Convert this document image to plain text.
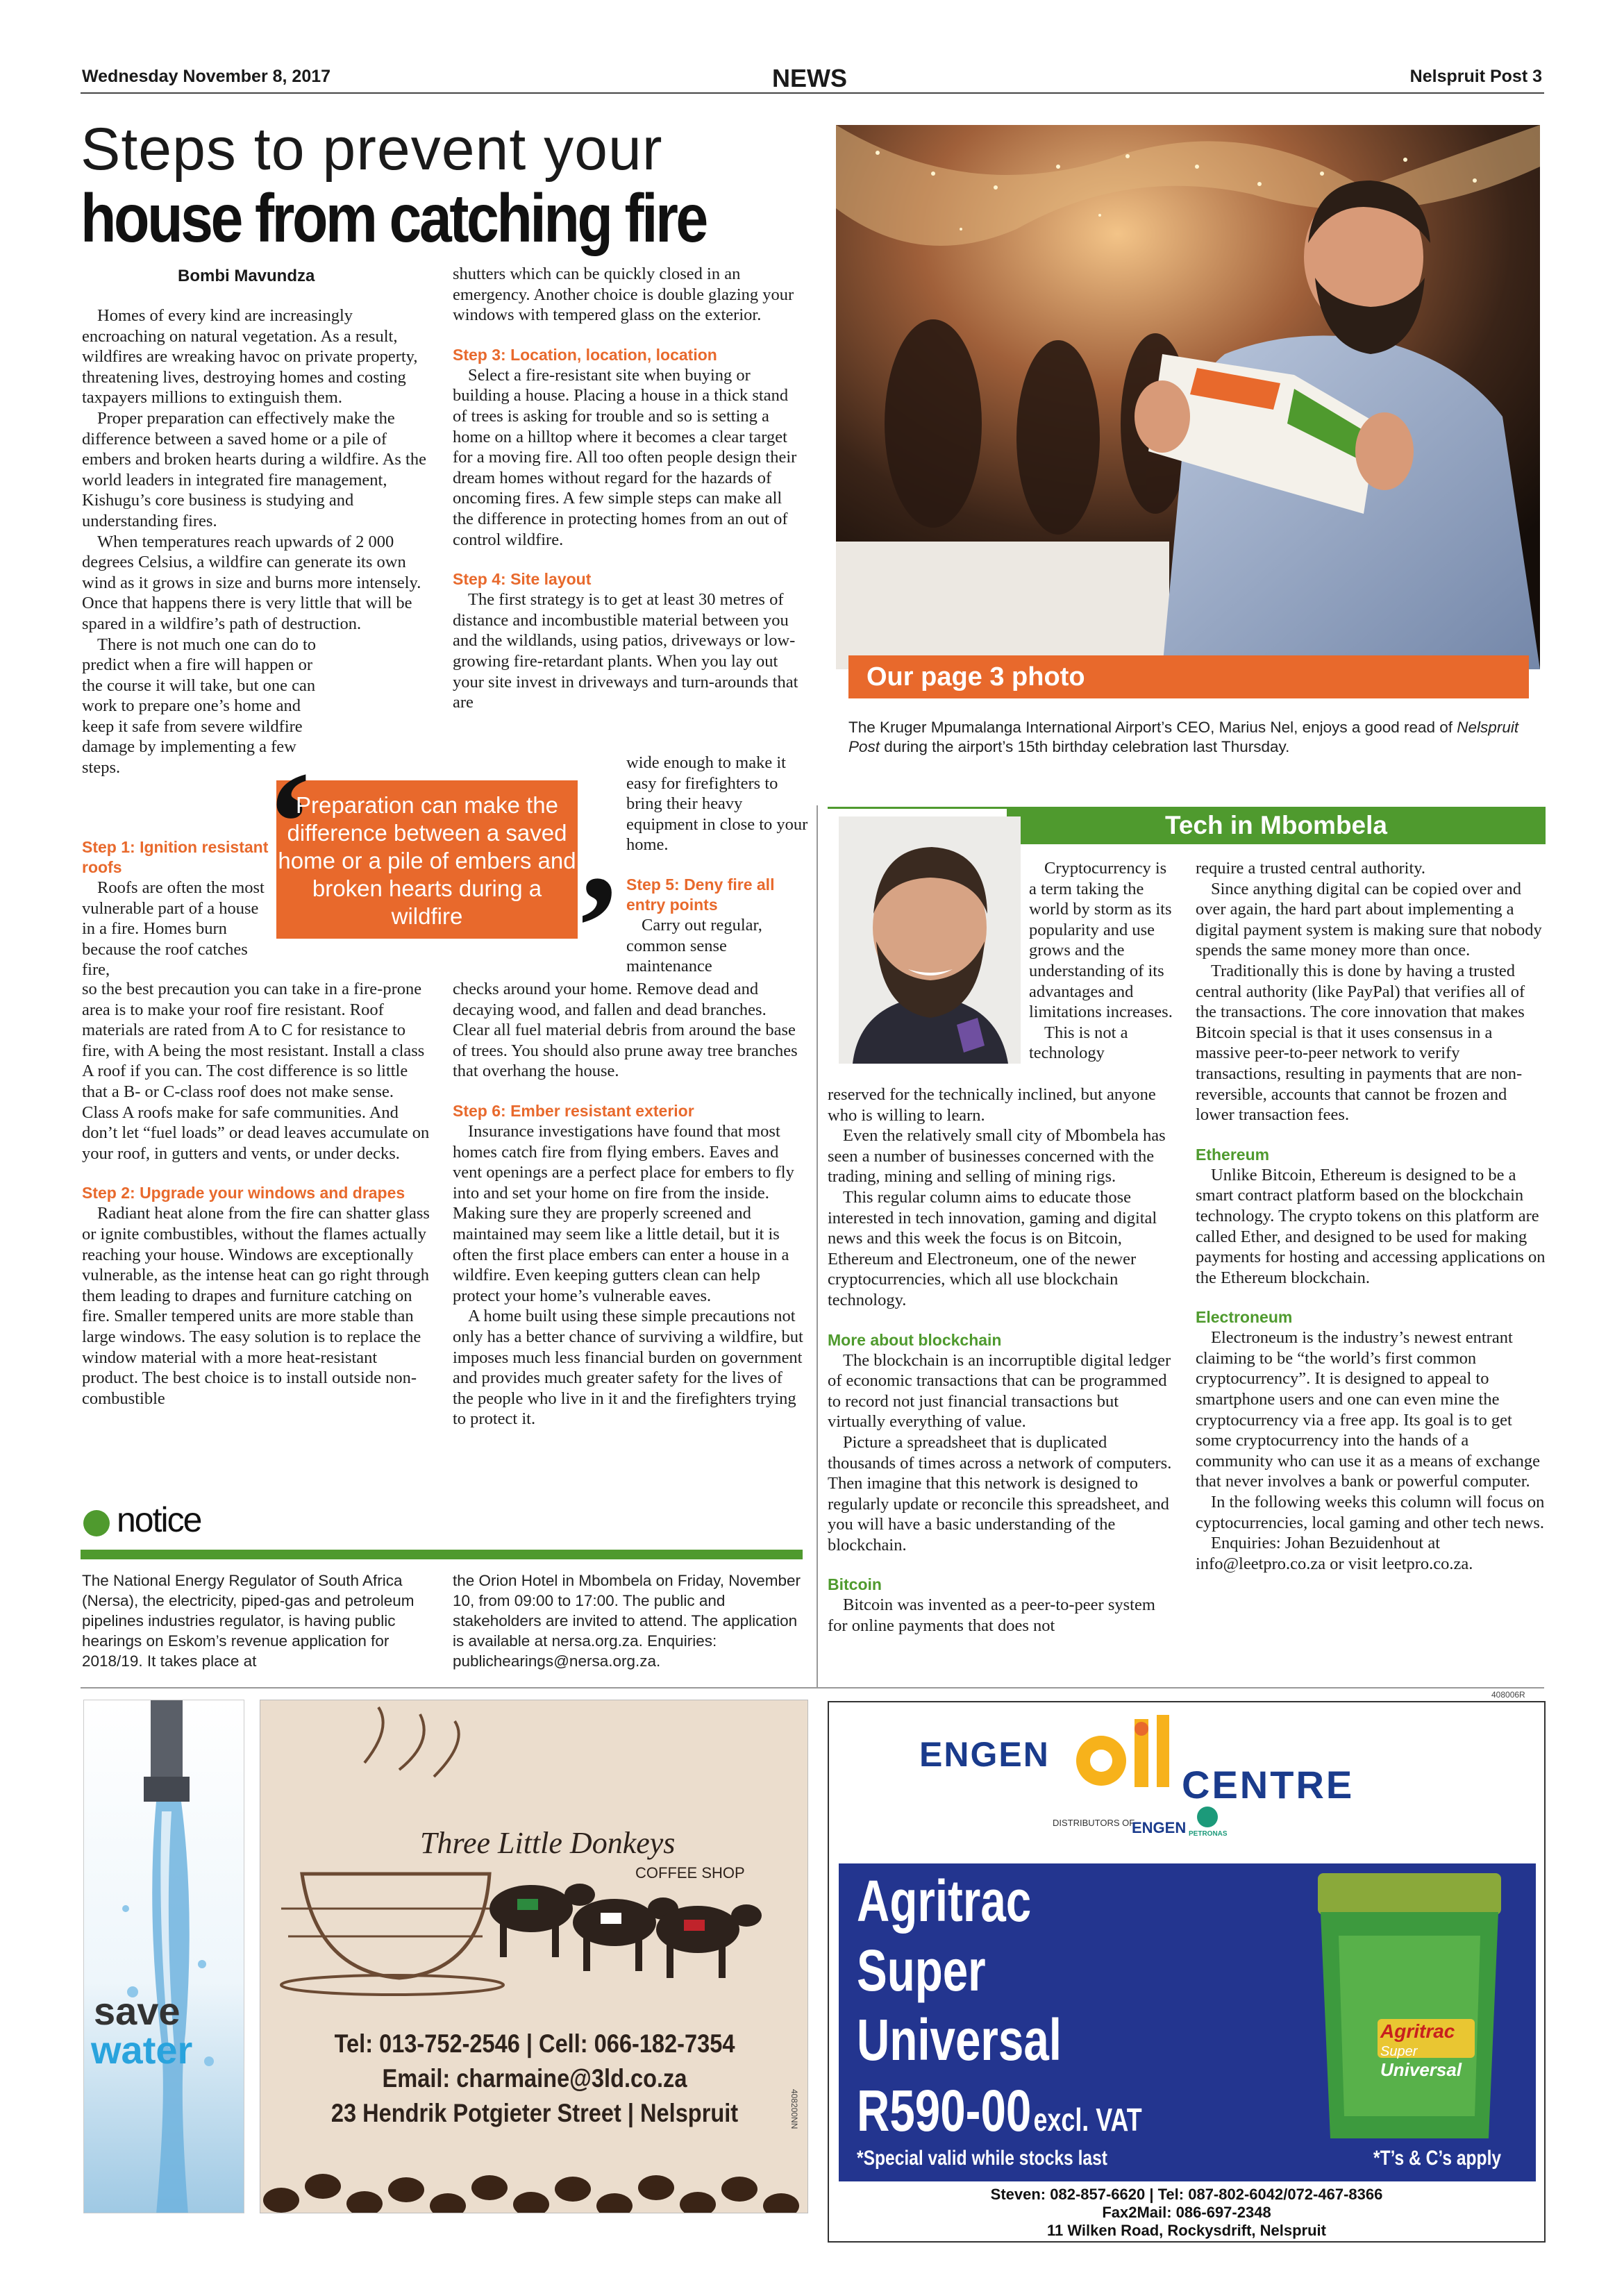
Wednesday November 8, 2017	NEWS	Nelspruit Post 3
Steps to prevent your
house from catching fire
Bombi Mavundza

Homes of every kind are increasingly encroaching on natural vegetation. As a result, wildfires are wreaking havoc on private property, threatening lives, destroying homes and costing taxpayers millions to extinguish them.

Proper preparation can effectively make the difference between a saved home or a pile of embers and broken hearts during a wildfire. As the world leaders in integrated fire management, Kishugu’s core business is studying and understanding fires.

When temperatures reach upwards of 2 000 degrees Celsius, a wildfire can generate its own wind as it grows in size and burns more intensely. Once that happens there is very little that will be spared in a wildfire’s path of destruction.

There is not much one can do to predict when a fire will happen or the course it will take, but one can work to prepare one’s home and keep it safe from severe wildfire damage by implementing a few steps.

Step 1: Ignition resistant roofs

Roofs are often the most vulnerable part of a house in a fire. Homes burn because the roof catches fire,

so the best precaution you can take in a fire-prone area is to make your roof fire resistant. Roof materials are rated from A to C for resistance to fire, with A being the most resistant. Install a class A roof if you can. The cost difference is so little that a B- or C-class roof does not make sense. Class A roofs make for safe communities. And don’t let “fuel loads” or dead leaves accumulate on your roof, in gutters and vents, or under decks.

Step 2: Upgrade your windows and drapes

Radiant heat alone from the fire can shatter glass or ignite combustibles, without the flames actually reaching your house. Windows are exceptionally vulnerable, as the intense heat can go right through them leading to drapes and furniture catching on fire. Smaller tempered units are more stable than large windows. The easy solution is to replace the window material with a more heat-resistant product. The best choice is to install outside non-combustible

shutters which can be quickly closed in an emergency. Another choice is double glazing your windows with tempered glass on the exterior.

Step 3: Location, location, location

Select a fire-resistant site when buying or building a house. Placing a house in a thick stand of trees is asking for trouble and so is setting a home on a hilltop where it becomes a clear target for a moving fire. All too often people design their dream homes without regard for the hazards of oncoming fires. A few simple steps can make all the difference in protecting homes from an out of control wildfire.

Step 4: Site layout

The first strategy is to get at least 30 metres of distance and incombustible material between you and the wildlands, using patios, driveways or low-growing fire-retardant plants. When you lay out your site invest in driveways and turn-arounds that are

wide enough to make it easy for firefighters to bring their heavy equipment in close to your home.

Step 5: Deny fire all entry points

Carry out regular, common sense maintenance

checks around your home. Remove dead and decaying wood, and fallen and dead branches. Clear all fuel material debris from around the base of trees. You should also prune away tree branches that overhang the house.

Step 6: Ember resistant exterior

Insurance investigations have found that most homes catch fire from flying embers. Eaves and vent openings are a perfect place for embers to fly into and set your home on fire from the inside. Making sure they are properly screened and maintained may seem like a little detail, but it is often the first place embers can enter a house in a wildfire. Even keeping gutters clean can help protect your home’s vulnerable eaves.

A home built using these simple precautions not only has a better chance of surviving a wildfire, but imposes much less financial burden on government and provides much greater safety for the lives of the people who live in it and the firefighters trying to protect it.

‘
’
Preparation can make the difference between a saved home or a pile of embers and broken hearts during a wildfire
Our page 3 photo
The Kruger Mpumalanga International Airport’s CEO, Marius Nel, enjoys a good read of Nelspruit Post during the airport’s 15th birthday celebration last Thursday.
Tech in Mbombela

Cryptocurrency is a term taking the world by storm as its popularity and use grows and the understanding of its advantages and limitations increases.

This is not a technology

reserved for the technically inclined, but anyone who is willing to learn.

Even the relatively small city of Mbombela has seen a number of businesses concerned with the trading, mining and selling of mining rigs.

This regular column aims to educate those interested in tech innovation, gaming and digital news and this week the focus is on Bitcoin, Ethereum and Electroneum, one of the newer cryptocurrencies, which all use blockchain technology.

More about blockchain

The blockchain is an incorruptible digital ledger of economic transactions that can be programmed to record not just financial transactions but virtually everything of value.

Picture a spreadsheet that is duplicated thousands of times across a network of computers. Then imagine that this network is designed to regularly update or reconcile this spreadsheet, and you will have a basic understanding of the blockchain.

Bitcoin

Bitcoin was invented as a peer-to-peer system for online payments that does not

require a trusted central authority.

Since anything digital can be copied over and over again, the hard part about implementing a digital payment system is making sure that nobody spends the same money more than once.

Traditionally this is done by having a trusted central authority (like PayPal) that verifies all of the transactions. The core innovation that makes Bitcoin special is that it uses consensus in a massive peer-to-peer network to verify transactions, resulting in payments that are non-reversible, accounts that cannot be frozen and lower transaction fees.

Ethereum

Unlike Bitcoin, Ethereum is designed to be a smart contract platform based on the blockchain technology. The crypto tokens on this platform are called Ether, and designed to be used for making payments for hosting and accessing applications on the Ethereum blockchain.

Electroneum

Electroneum is the industry’s newest entrant claiming to be “the world’s first common cryptocurrency”. It is designed to appeal to smartphone users and one can even mine the cryptocurrency via a free app. Its goal is to get some cryptocurrency into the hands of a community who can use it as a means of exchange that never involves a bank or powerful computer.

In the following weeks this column will focus on cyptocurrencies, local gaming and other tech news.

Enquiries: Johan Bezuidenhout at info@leetpro.co.za or visit leetpro.co.za.

notice
The National Energy Regulator of South Africa (Nersa), the electricity, piped-gas and petroleum pipelines industries regulator, is having public hearings on Eskom’s revenue application for 2018/19. It takes place at
the Orion Hotel in Mbombela on Friday, November 10, from 09:00 to 17:00. The public and stakeholders are invited to attend. The application is available at nersa.org.za. Enquiries: publichearings@nersa.org.za.
save
water
Three Little Donkeys
COFFEE SHOP
Tel: 013-752-2546 | Cell: 066-182-7354
Email: charmaine@3ld.co.za
23 Hendrik Potgieter Street | Nelspruit	408200NN
408006R
ENGEN
CENTRE
DISTRIBUTORS OF
ENGEN PETRONAS
Agritrac
Super
Universal
R590-00 excl. VAT
*Special valid while stocks last	*T’s & C’s apply
Agritrac
Super
Universal
Steven: 082-857-6620 | Tel: 087-802-6042/072-467-8366
Fax2Mail: 086-697-2348
11 Wilken Road, Rockysdrift, Nelspruit
